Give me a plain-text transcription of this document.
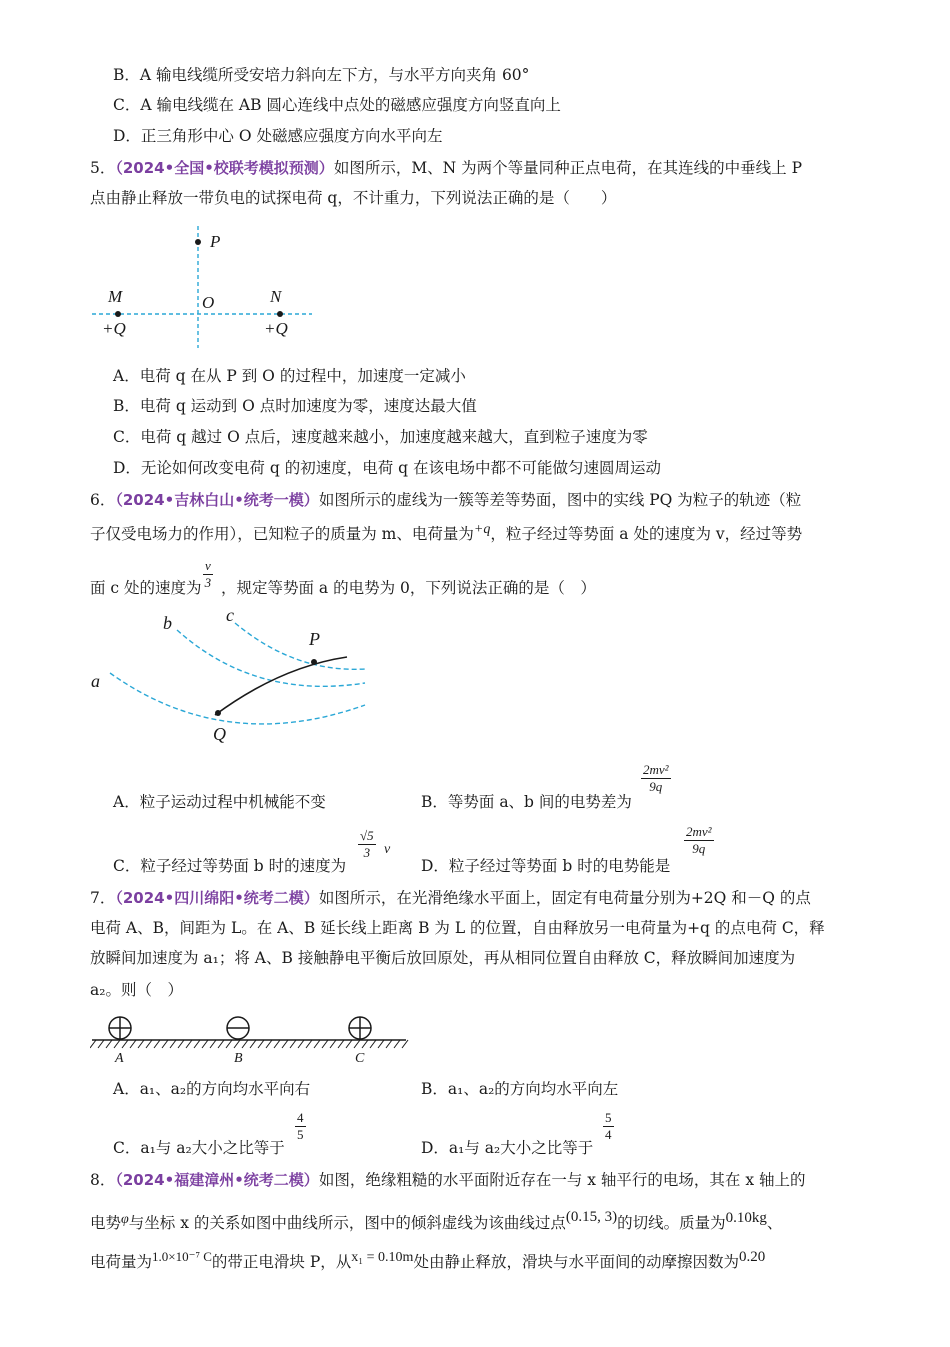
B．A 输电线缆所受安培力斜向左下方，与水平方向夹角 60°
C．A 输电线缆在 AB 圆心连线中点处的磁感应强度方向竖直向上
D．正三角形中心 O 处磁感应强度方向水平向左
5．（2024•全国•校联考模拟预测）如图所示，M、N 为两个等量同种正点电荷，在其连线的中垂线上 P
点由静止释放一带负电的试探电荷 q，不计重力，下列说法正确的是（　　）
P
O
M	N
+Q	+Q
A．电荷 q 在从 P 到 O 的过程中，加速度一定减小
B．电荷 q 运动到 O 点时加速度为零，速度达最大值
C．电荷 q 越过 O 点后，速度越来越小，加速度越来越大，直到粒子速度为零
D．无论如何改变电荷 q 的初速度，电荷 q 在该电场中都不可能做匀速圆周运动
6．（2024•吉林白山•统考一模）如图所示的虚线为一簇等差等势面，图中的实线 PQ 为粒子的轨迹（粒
子仅受电场力的作用），已知粒子的质量为 m、电荷量为+q，粒子经过等势面 a 处的速度为 v，经过等势
面 c 处的速度为 $\frac{v}{3}$ ，规定等势面 a 的电势为 0，下列说法正确的是（　）
a
b	c
P
Q
A．粒子运动过程中机械能不变	B．等势面 a、b 间的电势差为
$\frac{\text{2mv²}}{9q}$
C．粒子经过等势面 b 时的速度为
$\frac{√5}{3}$ v
D．粒子经过等势面 b 时的电势能是
$\frac{\text{2mv²}}{9q}$
7．（2024•四川绵阳•统考二模）如图所示，在光滑绝缘水平面上，固定有电荷量分别为+2Q 和－Q 的点
电荷 A、B，间距为 L。在 A、B 延长线上距离 B 为 L 的位置，自由释放另一电荷量为+q 的点电荷 C，释
放瞬间加速度为 a₁；将 A、B 接触静电平衡后放回原处，再从相同位置自由释放 C，释放瞬间加速度为
a₂。则（　）
A	B	C
A．a₁、a₂的方向均水平向右	B．a₁、a₂的方向均水平向左
C．a₁与 a₂大小之比等于
$\frac{4}{5}$
D．a₁与 a₂大小之比等于
$\frac{5}{4}$
8．（2024•福建漳州•统考二模）如图，绝缘粗糙的水平面附近存在一与 x 轴平行的电场，其在 x 轴上的
电势φ与坐标 x 的关系如图中曲线所示，图中的倾斜虚线为该曲线过点(0.15, 3)的切线。质量为0.10kg、
电荷量为$^{1.0\times 10^{-7} C}$的带正电滑块 P，从x₁ = 0.10m处由静止释放，滑块与水平面间的动摩擦因数为0.20
